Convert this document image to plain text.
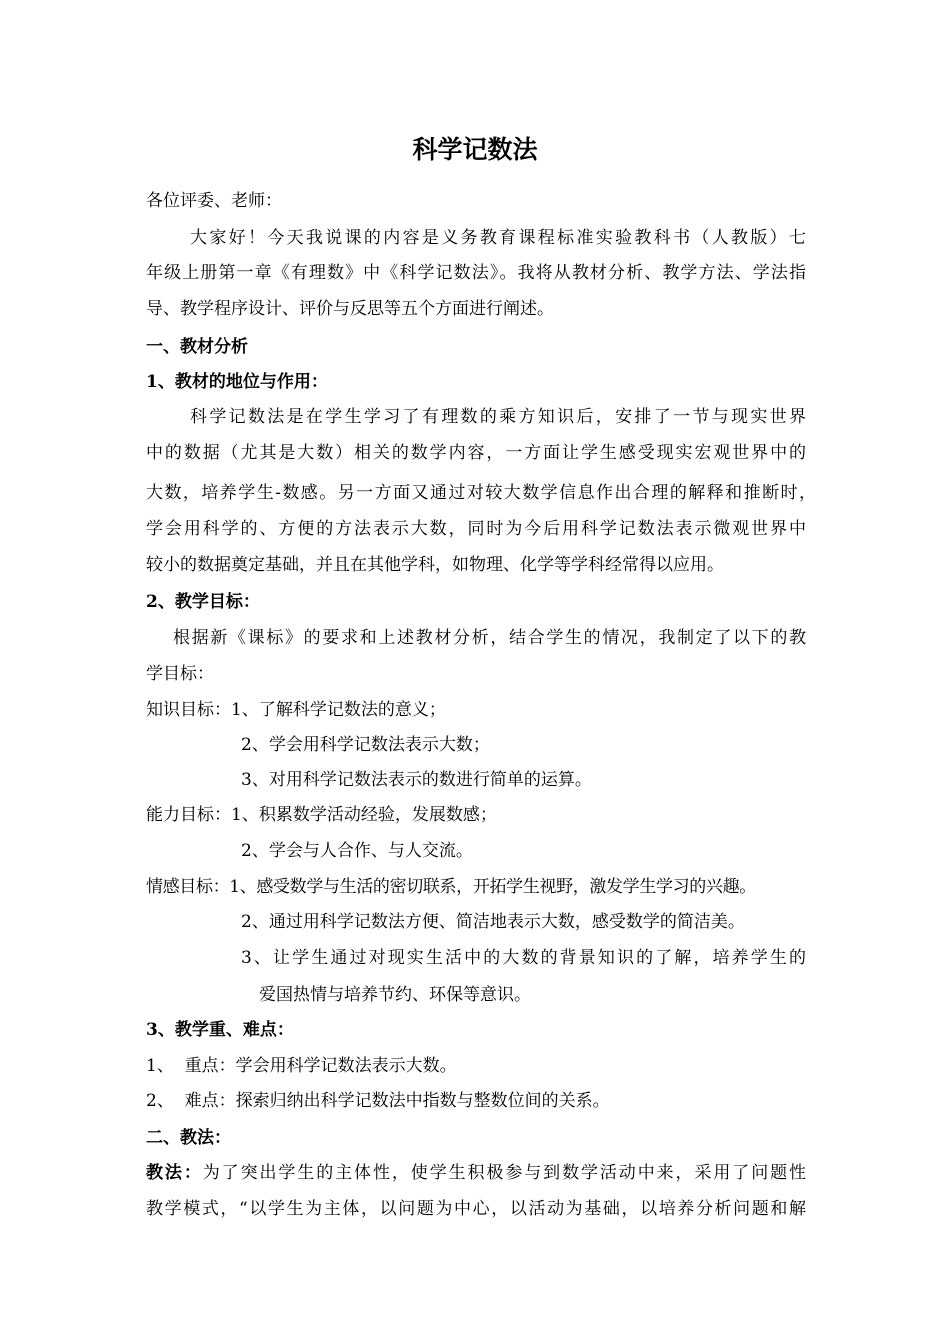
科学记数法
各位评委、老师：
大家好！今天我说课的内容是义务教育课程标准实验教科书（人教版）七
年级上册第一章《有理数》中《科学记数法》。我将从教材分析、教学方法、学法指
导、教学程序设计、评价与反思等五个方面进行阐述。
一、教材分析
1、教材的地位与作用：
科学记数法是在学生学习了有理数的乘方知识后，安排了一节与现实世界
中的数据（尤其是大数）相关的数学内容，一方面让学生感受现实宏观世界中的
大数，培养学生-数感。另一方面又通过对较大数学信息作出合理的解释和推断时，
学会用科学的、方便的方法表示大数，同时为今后用科学记数法表示微观世界中
较小的数据奠定基础，并且在其他学科，如物理、化学等学科经常得以应用。
2、教学目标：
根据新《课标》的要求和上述教材分析，结合学生的情况，我制定了以下的教
学目标：
知识目标：1、了解科学记数法的意义；
2、学会用科学记数法表示大数；
3、对用科学记数法表示的数进行简单的运算。
能力目标：1、积累数学活动经验，发展数感；
2、学会与人合作、与人交流。
情感目标：1、感受数学与生活的密切联系，开拓学生视野，激发学生学习的兴趣。
2、通过用科学记数法方便、简洁地表示大数，感受数学的简洁美。
3、让学生通过对现实生活中的大数的背景知识的了解，培养学生的
爱国热情与培养节约、环保等意识。
3、教学重、难点：
1、  重点：学会用科学记数法表示大数。
2、  难点：探索归纳出科学记数法中指数与整数位间的关系。
二、教法：
教法：为了突出学生的主体性，使学生积极参与到数学活动中来，采用了问题性
教学模式，“以学生为主体，以问题为中心，以活动为基础，以培养分析问题和解
